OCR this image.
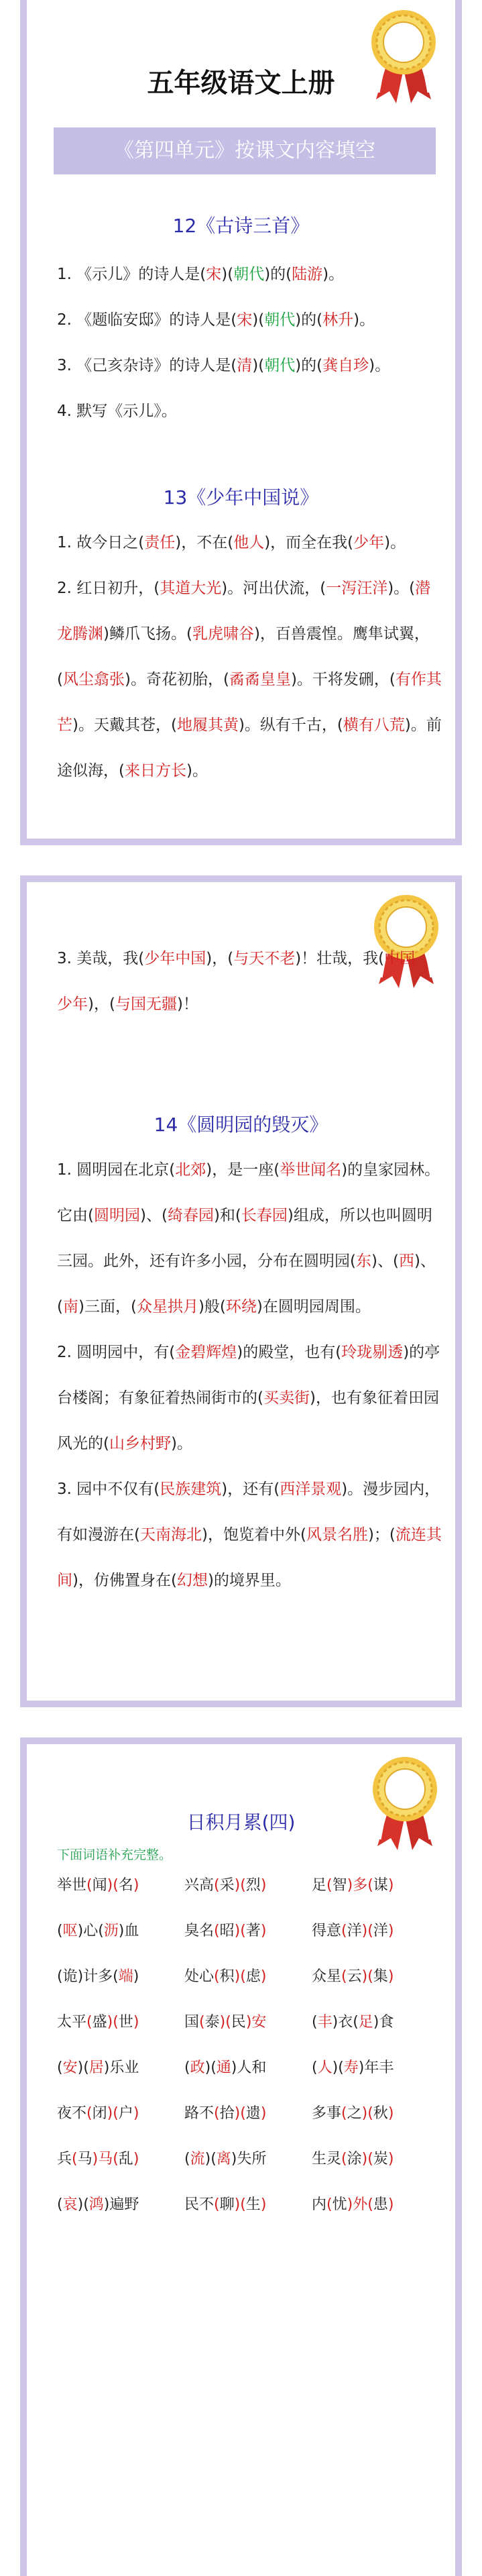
五年级语文上册
《第四单元》按课文内容填空
12《古诗三首》
1. 《示儿》的诗人是(宋)(朝代)的(陆游)。
2. 《题临安邸》的诗人是(宋)(朝代)的(林升)。
3. 《己亥杂诗》的诗人是(清)(朝代)的(龚自珍)。
4. 默写《示儿》。
13《少年中国说》
1. 故今日之(责任)，不在(他人)，而全在我(少年)。
2. 红日初升，(其道大光)。河出伏流，(一泻汪洋)。(潜龙腾渊)鳞爪飞扬。(乳虎啸谷)，百兽震惶。鹰隼试翼，(风尘翕张)。奇花初胎，(矞矞皇皇)。干将发硎，(有作其芒)。天戴其苍，(地履其黄)。纵有千古，(横有八荒)。前途似海，(来日方长)。
3. 美哉，我(少年中国)，(与天不老)！壮哉，我(中国少年)，(与国无疆)！
14《圆明园的毁灭》
1. 圆明园在北京(北郊)，是一座(举世闻名)的皇家园林。它由(圆明园)、(绮春园)和(长春园)组成，所以也叫圆明三园。此外，还有许多小园，分布在圆明园(东)、(西)、(南)三面，(众星拱月)般(环绕)在圆明园周围。
2. 圆明园中，有(金碧辉煌)的殿堂，也有(玲珑剔透)的亭台楼阁；有象征着热闹街市的(买卖街)，也有象征着田园风光的(山乡村野)。
3. 园中不仅有(民族建筑)，还有(西洋景观)。漫步园内，有如漫游在(天南海北)，饱览着中外(风景名胜)；(流连其间)，仿佛置身在(幻想)的境界里。
日积月累(四)
下面词语补充完整。
举世(闻)(名)	兴高(采)(烈)	足(智)多(谋)
(呕)心(沥)血	臭名(昭)(著)	得意(洋)(洋)
(诡)计多(端)	处心(积)(虑)	众星(云)(集)
太平(盛)(世)	国(泰)(民)安	(丰)衣(足)食
(安)(居)乐业	(政)(通)人和	(人)(寿)年丰
夜不(闭)(户)	路不(拾)(遗)	多事(之)(秋)
兵(马)马(乱)	(流)(离)失所	生灵(涂)(炭)
(哀)(鸿)遍野	民不(聊)(生)	内(忧)外(患)
